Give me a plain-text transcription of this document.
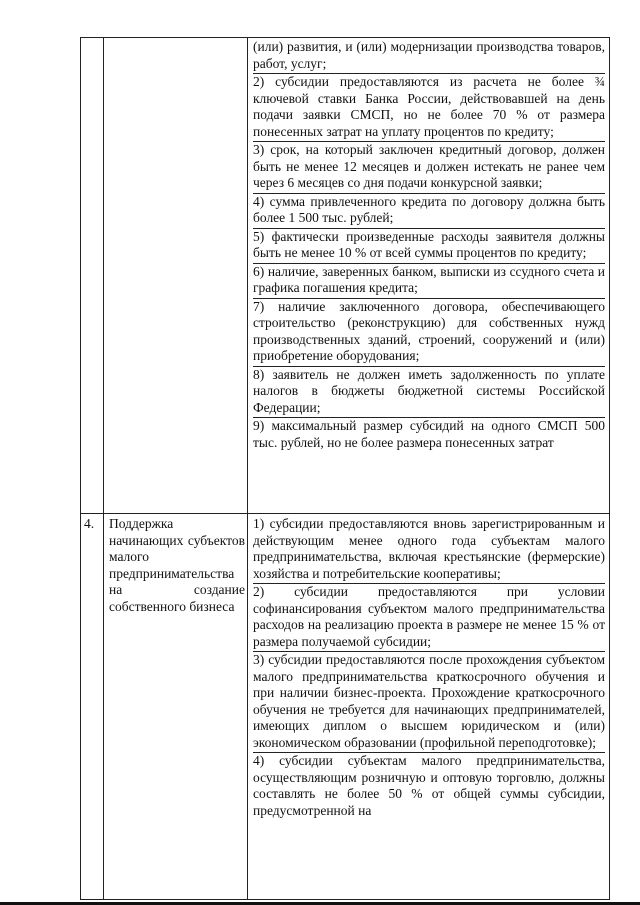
(или) развития, и (или) модернизации производства товаров, работ, услуг;

2) субсидии предоставляются из расчета не более ¾ ключевой ставки Банка России, действовавшей на день подачи заявки СМСП, но не более 70 % от размера понесенных затрат на уплату процентов по кредиту;

3) срок, на который заключен кредитный договор, должен быть не менее 12 месяцев и должен истекать не ранее чем через 6 месяцев со дня подачи конкурсной заявки;

4) сумма привлеченного кредита по договору должна быть более 1 500 тыс. рублей;

5) фактически произведенные расходы заявителя должны быть не менее 10 % от всей суммы процентов по кредиту;

6) наличие, заверенных банком, выписки из ссудного счета и графика погашения кредита;

7) наличие заключенного договора, обеспечивающего строительство (реконструкцию) для собственных нужд производственных зданий, строений, сооружений и (или) приобретение оборудования;

8) заявитель не должен иметь задолженность по уплате налогов в бюджеты бюджетной системы Российской Федерации;

9) максимальный размер субсидий на одного СМСП 500 тыс. рублей, но не более размера понесенных затрат

4.	Поддержка начинающих субъектов малого предпринимательства на создание собственного бизнеса

1) субсидии предоставляются вновь зарегистрированным и действующим менее одного года субъектам малого предпринимательства, включая крестьянские (фермерские) хозяйства и потребительские кооперативы;

2) субсидии предоставляются при условии софинансирования субъектом малого предпринимательства расходов на реализацию проекта в размере не менее 15 % от размера получаемой субсидии;

3) субсидии предоставляются после прохождения субъектом малого предпринимательства краткосрочного обучения и при наличии бизнес-проекта. Прохождение краткосрочного обучения не требуется для начинающих предпринимателей, имеющих диплом о высшем юридическом и (или) экономическом образовании (профильной переподготовке);

4) субсидии субъектам малого предпринимательства, осуществляющим розничную и оптовую торговлю, должны составлять не более 50 % от общей суммы субсидии, предусмотренной на
